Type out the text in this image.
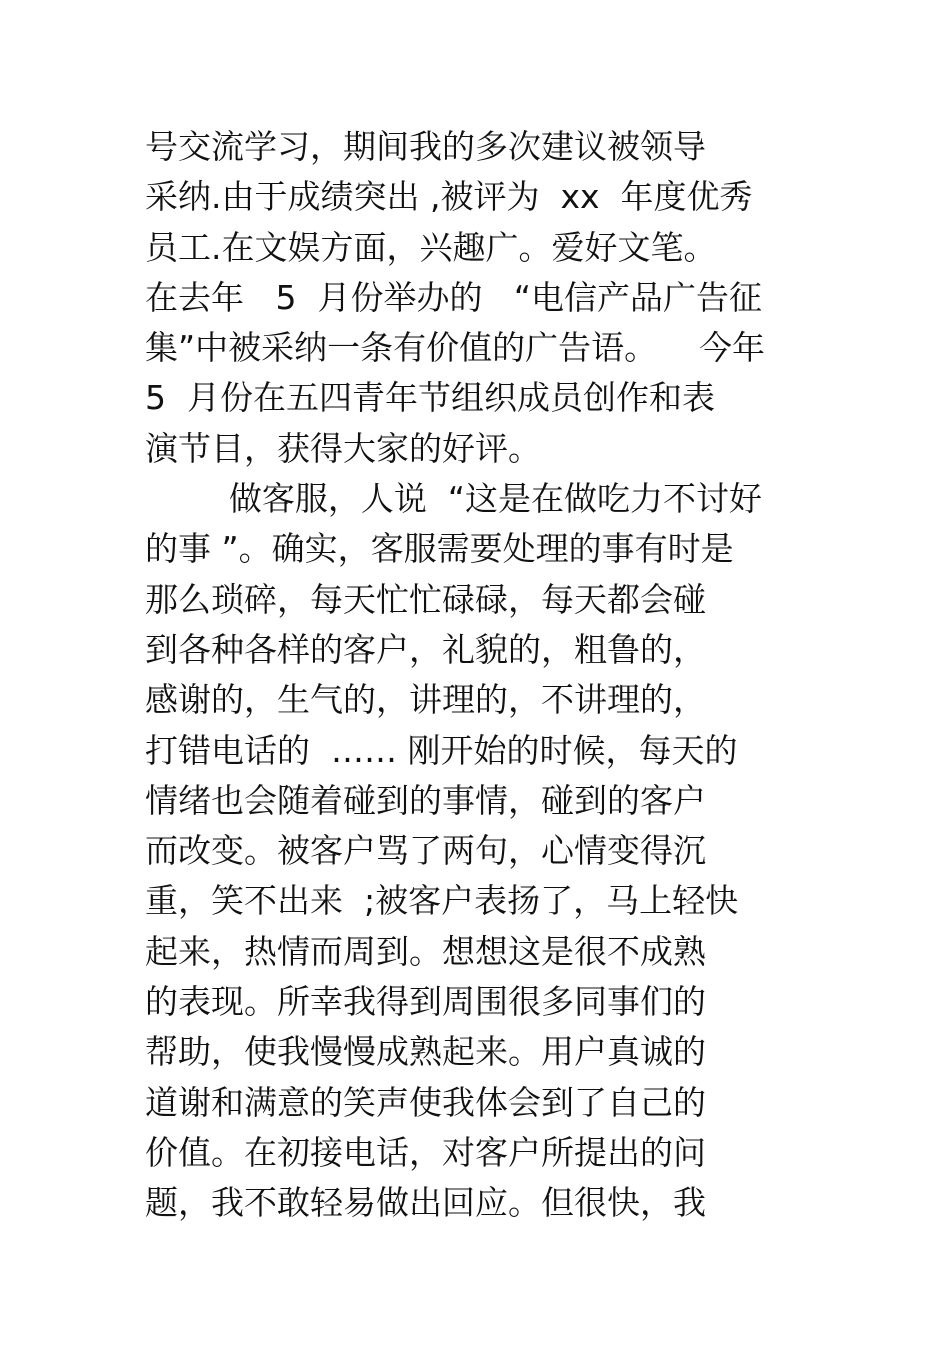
号交流学习，期间我的多次建议被领导
采纳.由于成绩突出 ,被评为  xx  年度优秀
员工.在文娱方面，兴趣广。爱好文笔。
在去年   5  月份举办的   “电信产品广告征
集”中被采纳一条有价值的广告语。    今年
5  月份在五四青年节组织成员创作和表
演节目，获得大家的好评。
做客服，人说  “这是在做吃力不讨好
的事 ”。确实，客服需要处理的事有时是
那么琐碎，每天忙忙碌碌，每天都会碰
到各种各样的客户，礼貌的，粗鲁的，
感谢的，生气的，讲理的，不讲理的，
打错电话的  …… 刚开始的时候，每天的
情绪也会随着碰到的事情，碰到的客户
而改变。被客户骂了两句，心情变得沉
重，笑不出来  ;被客户表扬了，马上轻快
起来，热情而周到。想想这是很不成熟
的表现。所幸我得到周围很多同事们的
帮助，使我慢慢成熟起来。用户真诚的
道谢和满意的笑声使我体会到了自己的
价值。在初接电话，对客户所提出的问
题，我不敢轻易做出回应。但很快，我
